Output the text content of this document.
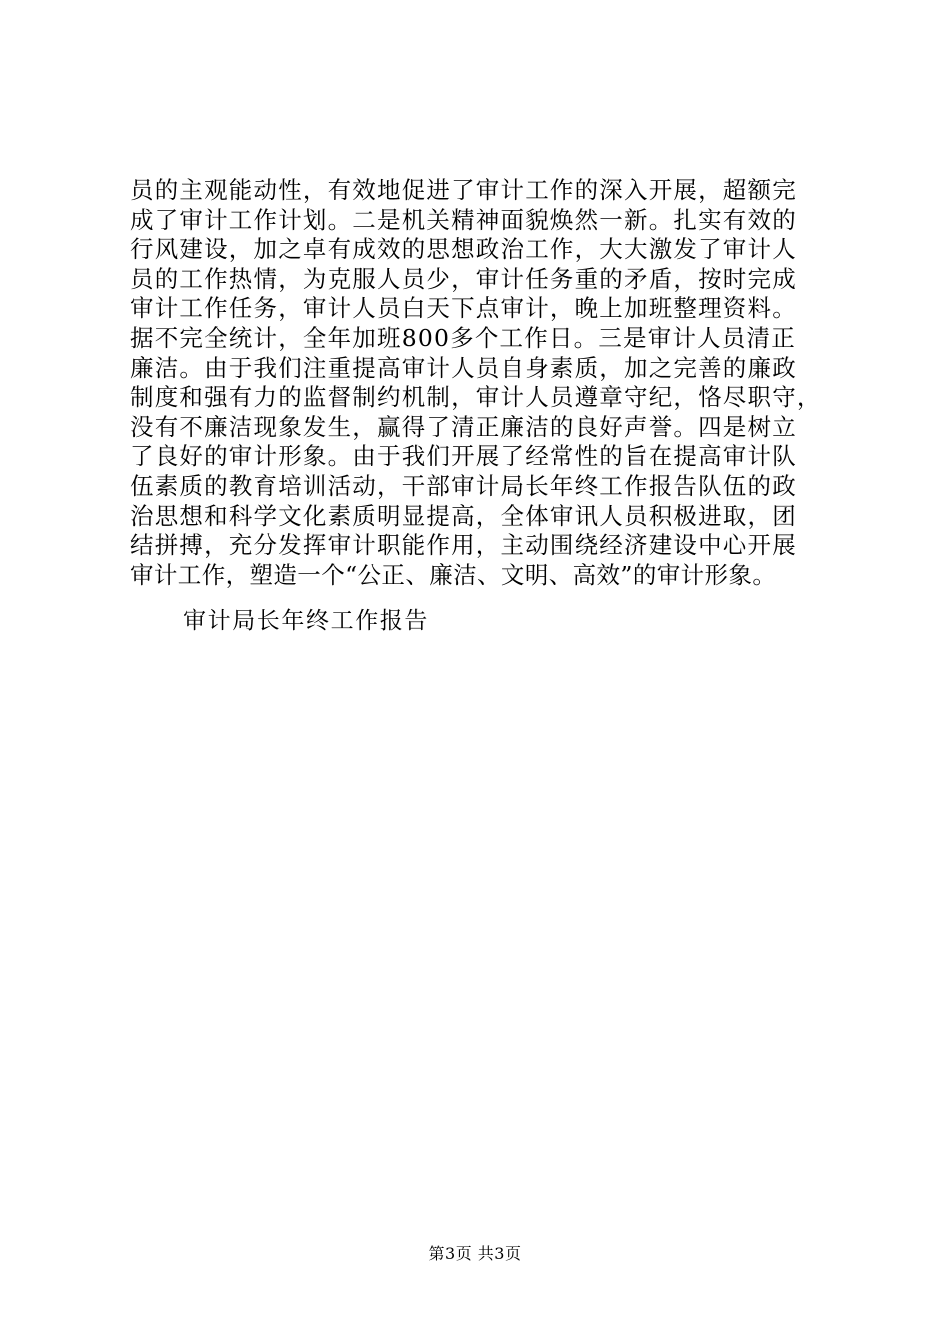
员的主观能动性，有效地促进了审计工作的深入开展，超额完
成了审计工作计划。二是机关精神面貌焕然一新。扎实有效的
行风建设，加之卓有成效的思想政治工作，大大激发了审计人
员的工作热情，为克服人员少，审计任务重的矛盾，按时完成
审计工作任务，审计人员白天下点审计，晚上加班整理资料。
据不完全统计，全年加班800多个工作日。三是审计人员清正
廉洁。由于我们注重提高审计人员自身素质，加之完善的廉政
制度和强有力的监督制约机制，审计人员遵章守纪，恪尽职守，
没有不廉洁现象发生，赢得了清正廉洁的良好声誉。四是树立
了良好的审计形象。由于我们开展了经常性的旨在提高审计队
伍素质的教育培训活动，干部审计局长年终工作报告队伍的政
治思想和科学文化素质明显提高，全体审讯人员积极进取，团
结拼搏，充分发挥审计职能作用，主动围绕经济建设中心开展
审计工作，塑造一个“公正、廉洁、文明、高效”的审计形象。

审计局长年终工作报告

第3页 共3页
